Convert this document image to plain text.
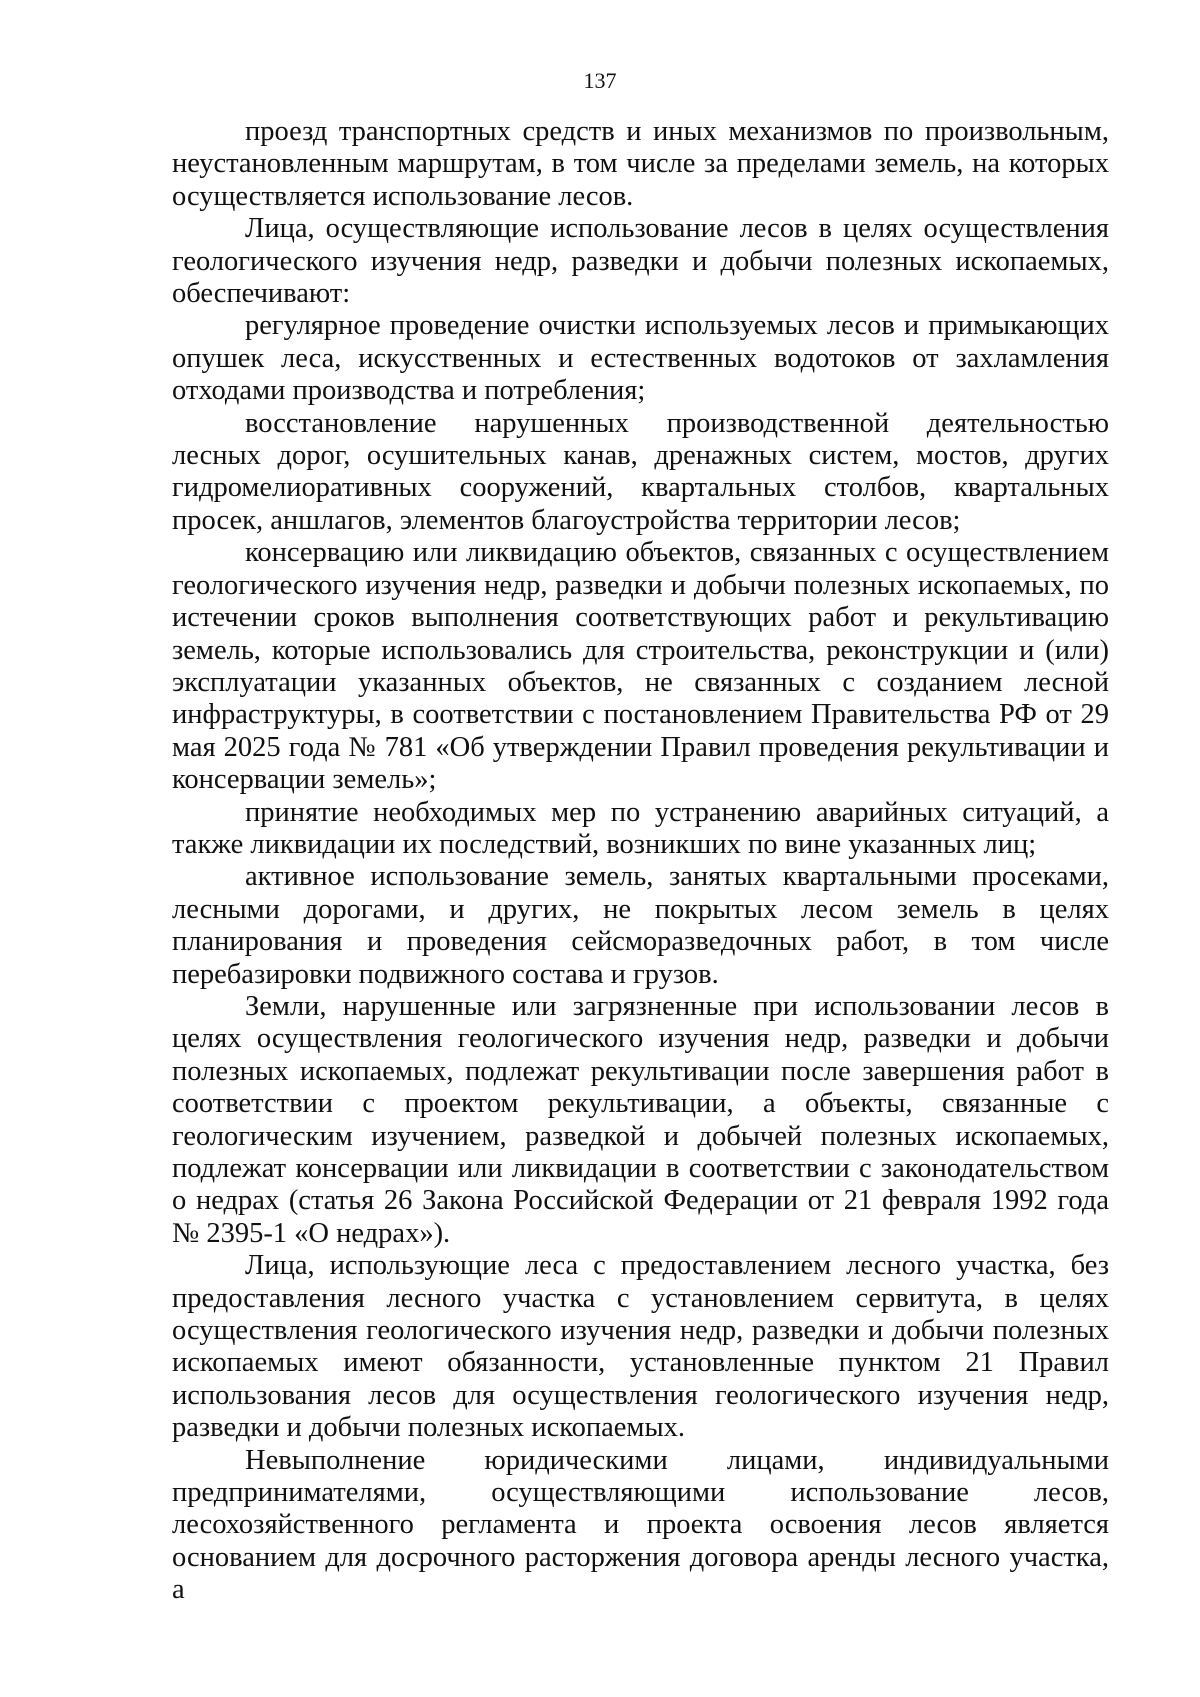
137

проезд транспортных средств и иных механизмов по произвольным, неустановленным маршрутам, в том числе за пределами земель, на которых осуществляется использование лесов.

Лица, осуществляющие использование лесов в целях осуществления геологического изучения недр, разведки и добычи полезных ископаемых, обеспечивают:

регулярное проведение очистки используемых лесов и примыкающих опушек леса, искусственных и естественных водотоков от захламления отходами производства и потребления;

восстановление нарушенных производственной деятельностью лесных дорог, осушительных канав, дренажных систем, мостов, других гидромелиоративных сооружений, квартальных столбов, квартальных просек, аншлагов, элементов благоустройства территории лесов;

консервацию или ликвидацию объектов, связанных с осуществлением геологического изучения недр, разведки и добычи полезных ископаемых, по истечении сроков выполнения соответствующих работ и рекультивацию земель, которые использовались для строительства, реконструкции и (или) эксплуатации указанных объектов, не связанных с созданием лесной инфраструктуры, в соответствии с постановлением Правительства РФ от 29 мая 2025 года № 781 «Об утверждении Правил проведения рекультивации и консервации земель»;

принятие необходимых мер по устранению аварийных ситуаций, а также ликвидации их последствий, возникших по вине указанных лиц;

активное использование земель, занятых квартальными просеками, лесными дорогами, и других, не покрытых лесом земель в целях планирования и проведения сейсморазведочных работ, в том числе перебазировки подвижного состава и грузов.

Земли, нарушенные или загрязненные при использовании лесов в целях осуществления геологического изучения недр, разведки и добычи полезных ископаемых, подлежат рекультивации после завершения работ в соответствии с проектом рекультивации, а объекты, связанные с геологическим изучением, разведкой и добычей полезных ископаемых, подлежат консервации или ликвидации в соответствии с законодательством о недрах (статья 26 Закона Российской Федерации от 21 февраля 1992 года № 2395-1 «О недрах»).

Лица, использующие леса с предоставлением лесного участка, без предоставления лесного участка с установлением сервитута, в целях осуществления геологического изучения недр, разведки и добычи полезных ископаемых имеют обязанности, установленные пунктом 21 Правил использования лесов для осуществления геологического изучения недр, разведки и добычи полезных ископаемых.

Невыполнение юридическими лицами, индивидуальными предпринимателями, осуществляющими использование лесов, лесохозяйственного регламента и проекта освоения лесов является основанием для досрочного расторжения договора аренды лесного участка, а
